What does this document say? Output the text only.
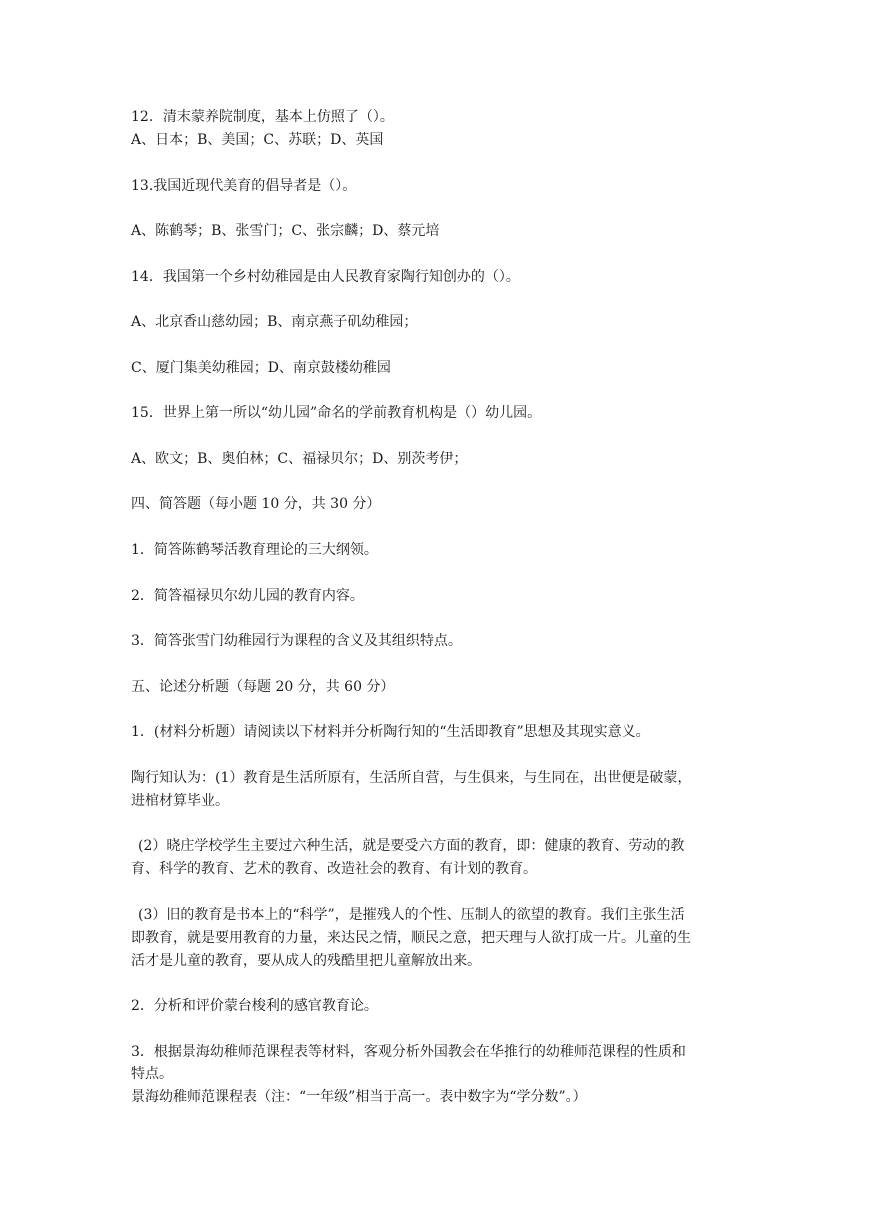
12．清末蒙养院制度，基本上仿照了（）。
A、日本；B、美国；C、苏联；D、英国
13.我国近现代美育的倡导者是（）。
A、陈鹤琴；B、张雪门；C、张宗麟；D、蔡元培
14．我国第一个乡村幼稚园是由人民教育家陶行知创办的（）。
A、北京香山慈幼园；B、南京燕子矶幼稚园；
C、厦门集美幼稚园；D、南京鼓楼幼稚园
15．世界上第一所以“幼儿园”命名的学前教育机构是（）幼儿园。
A、欧文；B、奥伯林；C、福禄贝尔；D、别茨考伊；
四、简答题（每小题 10 分，共 30 分）
1．简答陈鹤琴活教育理论的三大纲领。
2．简答福禄贝尔幼儿园的教育内容。
3．简答张雪门幼稚园行为课程的含义及其组织特点。
五、论述分析题（每题 20 分，共 60 分）
1．(材料分析题）请阅读以下材料并分析陶行知的“生活即教育”思想及其现实意义。
陶行知认为：(1）教育是生活所原有，生活所自营，与生俱来，与生同在，出世便是破蒙，
进棺材算毕业。
(2）晓庄学校学生主要过六种生活，就是要受六方面的教育，即：健康的教育、劳动的教
育、科学的教育、艺术的教育、改造社会的教育、有计划的教育。
(3）旧的教育是书本上的“科学”，是摧残人的个性、压制人的欲望的教育。我们主张生活
即教育，就是要用教育的力量，来达民之情，顺民之意，把天理与人欲打成一片。儿童的生
活才是儿童的教育，要从成人的残酷里把儿童解放出来。
2．分析和评价蒙台梭利的感官教育论。
3．根据景海幼稚师范课程表等材料，客观分析外国教会在华推行的幼稚师范课程的性质和
特点。
景海幼稚师范课程表（注：“一年级”相当于高一。表中数字为“学分数”。）
